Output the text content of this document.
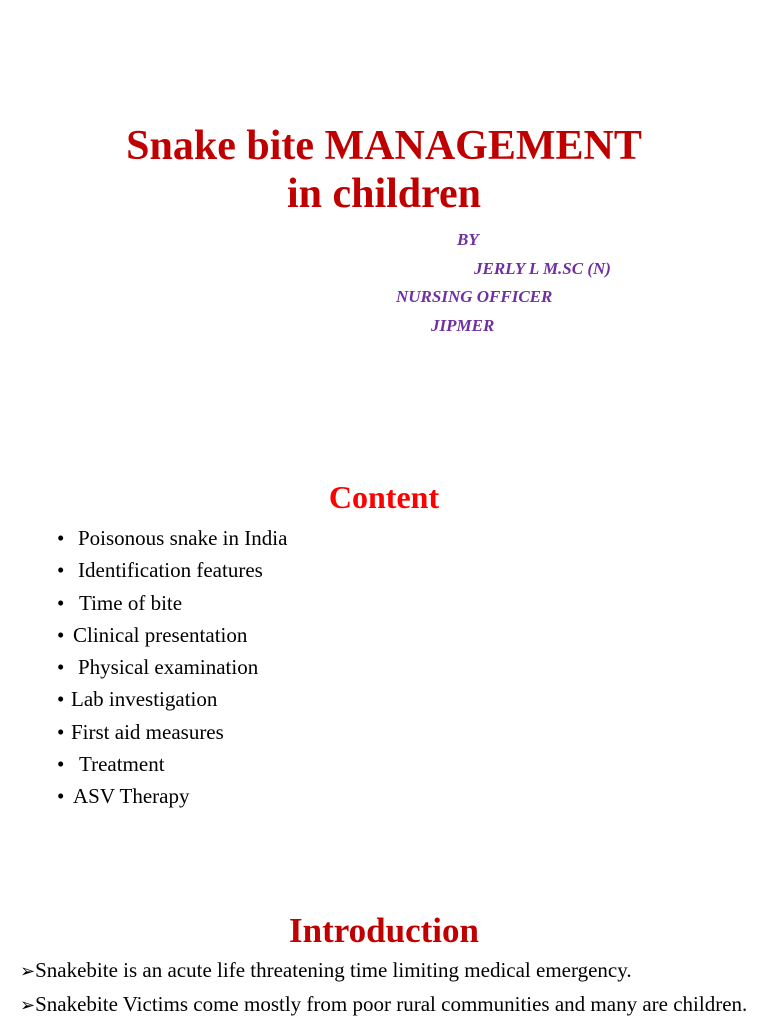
Snake bite MANAGEMENT
in children
BY
JERLY L M.SC (N)
NURSING OFFICER
JIPMER
Content
• Poisonous snake in India
• Identification features
• Time of bite
• Clinical presentation
• Physical examination
• Lab investigation
• First aid measures
• Treatment
• ASV Therapy
Introduction
➢Snakebite is an acute life threatening time limiting medical emergency.
➢Snakebite Victims come mostly from poor rural communities and many are children.
